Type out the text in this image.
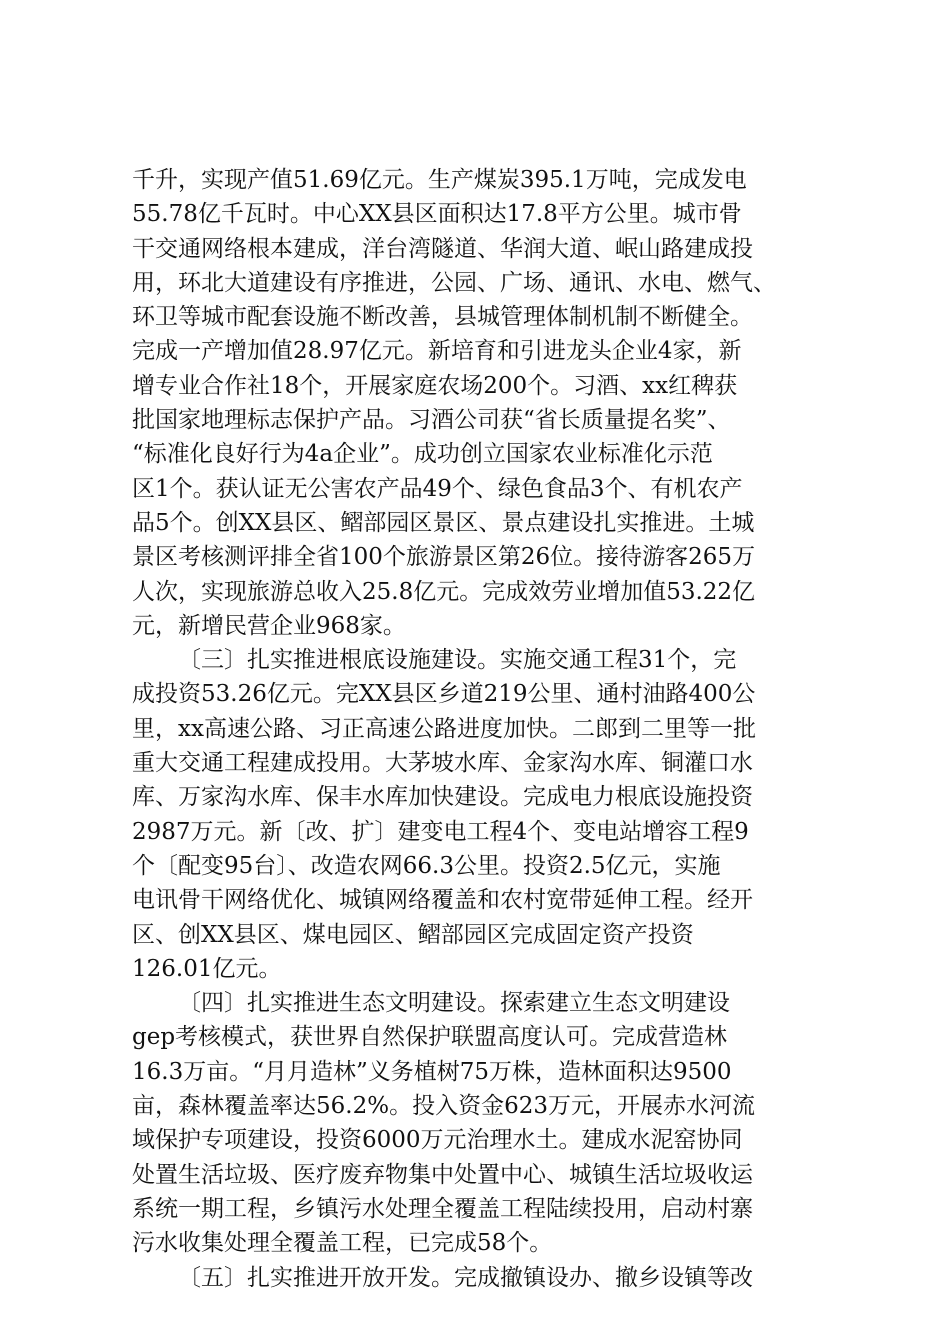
千升，实现产值51.69亿元。生产煤炭395.1万吨，完成发电
55.78亿千瓦时。中心XX县区面积达17.8平方公里。城市骨
干交通网络根本建成，洋台湾隧道、华润大道、岷山路建成投
用，环北大道建设有序推进，公园、广场、通讯、水电、燃气、
环卫等城市配套设施不断改善，县城管理体制机制不断健全。
完成一产增加值28.97亿元。新培育和引进龙头企业4家，新
增专业合作社18个，开展家庭农场200个。习酒、xx红稗获
批国家地理标志保护产品。习酒公司获“省长质量提名奖”、
“标准化良好行为4a企业”。成功创立国家农业标准化示范
区1个。获认证无公害农产品49个、绿色食品3个、有机农产
品5个。创XX县区、鳛部园区景区、景点建设扎实推进。土城
景区考核测评排全省100个旅游景区第26位。接待游客265万
人次，实现旅游总收入25.8亿元。完成效劳业增加值53.22亿
元，新增民营企业968家。
〔三〕扎实推进根底设施建设。实施交通工程31个，完
成投资53.26亿元。完XX县区乡道219公里、通村油路400公
里，xx高速公路、习正高速公路进度加快。二郎到二里等一批
重大交通工程建成投用。大茅坡水库、金家沟水库、铜灌口水
库、万家沟水库、保丰水库加快建设。完成电力根底设施投资
2987万元。新〔改、扩〕建变电工程4个、变电站增容工程9
个〔配变95台〕、改造农网66.3公里。投资2.5亿元，实施
电讯骨干网络优化、城镇网络覆盖和农村宽带延伸工程。经开
区、创XX县区、煤电园区、鳛部园区完成固定资产投资
126.01亿元。
〔四〕扎实推进生态文明建设。探索建立生态文明建设
gep考核模式，获世界自然保护联盟高度认可。完成营造林
16.3万亩。“月月造林”义务植树75万株，造林面积达9500
亩，森林覆盖率达56.2%。投入资金623万元，开展赤水河流
域保护专项建设，投资6000万元治理水土。建成水泥窑协同
处置生活垃圾、医疗废弃物集中处置中心、城镇生活垃圾收运
系统一期工程，乡镇污水处理全覆盖工程陆续投用，启动村寨
污水收集处理全覆盖工程，已完成58个。
〔五〕扎实推进开放开发。完成撤镇设办、撤乡设镇等改
